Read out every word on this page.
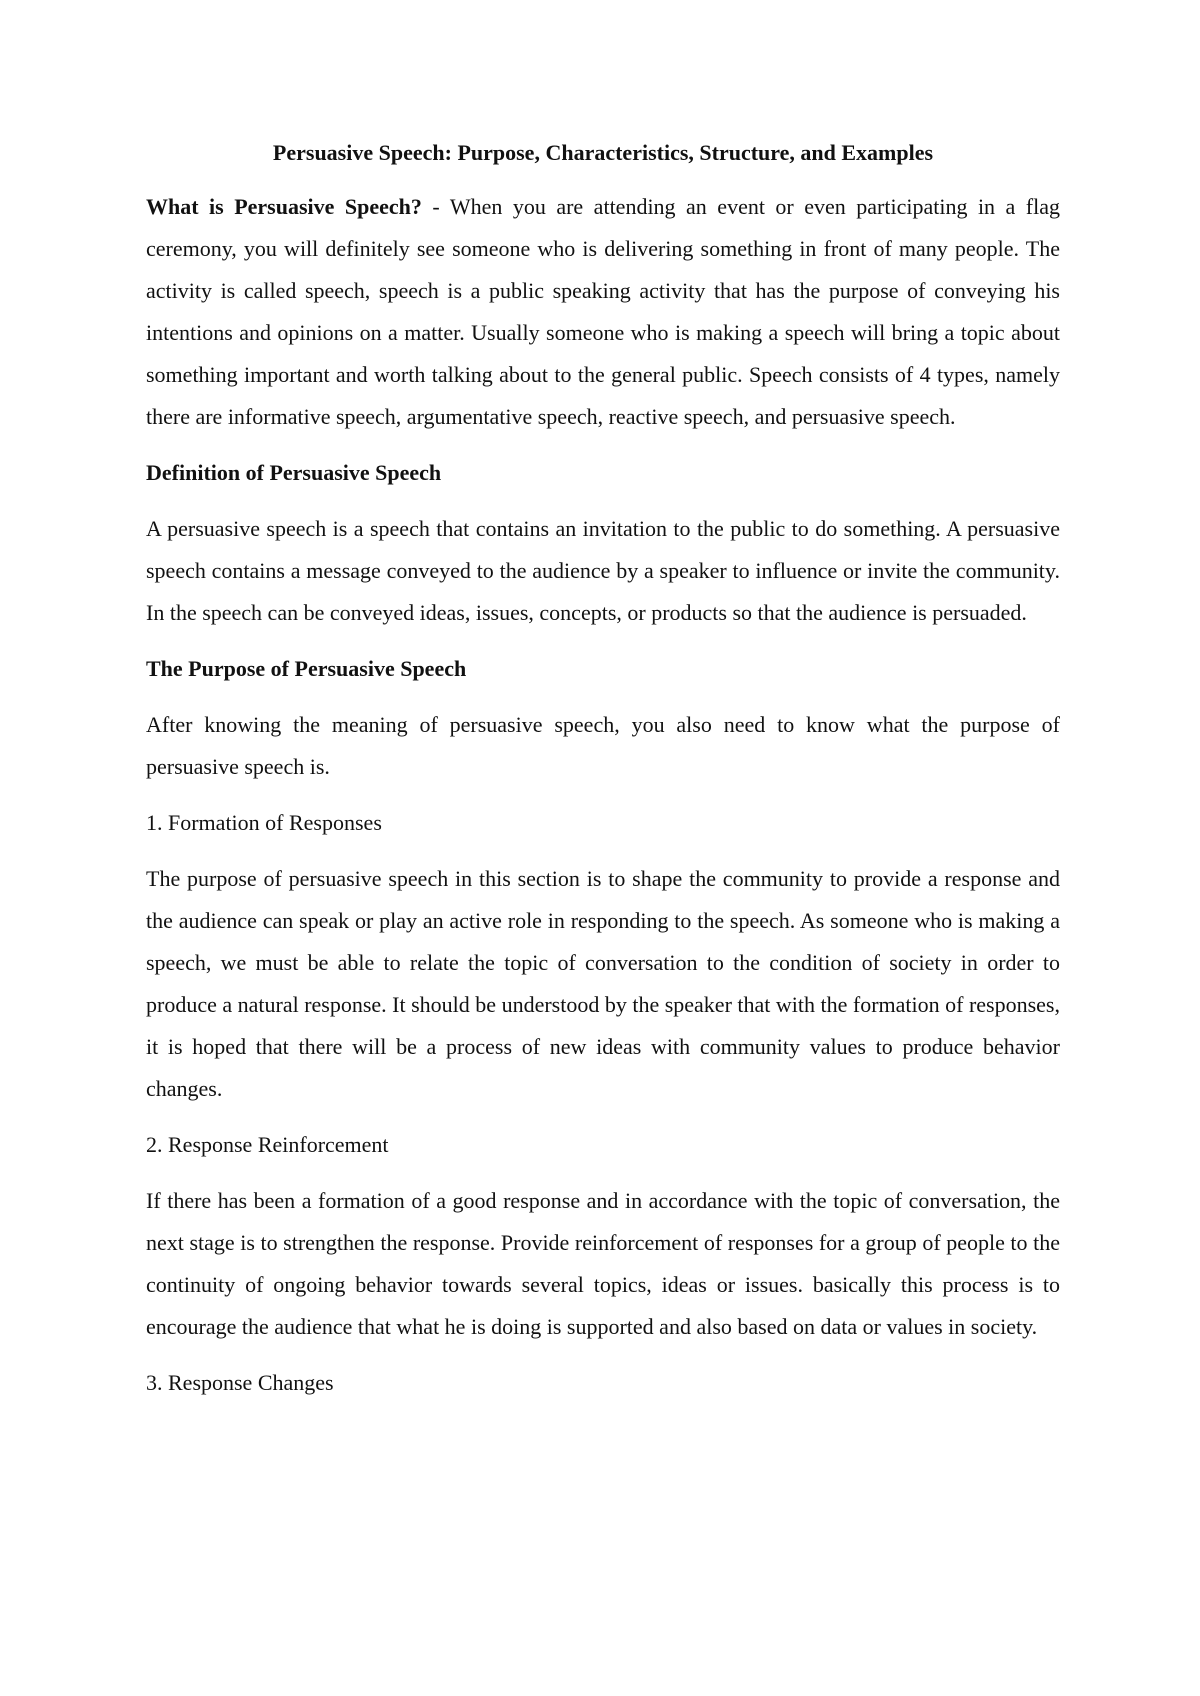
Persuasive Speech: Purpose, Characteristics, Structure, and Examples

What is Persuasive Speech? - When you are attending an event or even participating in a flag ceremony, you will definitely see someone who is delivering something in front of many people. The activity is called speech, speech is a public speaking activity that has the purpose of conveying his intentions and opinions on a matter. Usually someone who is making a speech will bring a topic about something important and worth talking about to the general public. Speech consists of 4 types, namely there are informative speech, argumentative speech, reactive speech, and persuasive speech.

Definition of Persuasive Speech

A persuasive speech is a speech that contains an invitation to the public to do something. A persuasive speech contains a message conveyed to the audience by a speaker to influence or invite the community. In the speech can be conveyed ideas, issues, concepts, or products so that the audience is persuaded.

The Purpose of Persuasive Speech

After knowing the meaning of persuasive speech, you also need to know what the purpose of persuasive speech is.

1. Formation of Responses

The purpose of persuasive speech in this section is to shape the community to provide a response and the audience can speak or play an active role in responding to the speech. As someone who is making a speech, we must be able to relate the topic of conversation to the condition of society in order to produce a natural response. It should be understood by the speaker that with the formation of responses, it is hoped that there will be a process of new ideas with community values to produce behavior changes.

2. Response Reinforcement

If there has been a formation of a good response and in accordance with the topic of conversation, the next stage is to strengthen the response. Provide reinforcement of responses for a group of people to the continuity of ongoing behavior towards several topics, ideas or issues. basically this process is to encourage the audience that what he is doing is supported and also based on data or values in society.

3. Response Changes
